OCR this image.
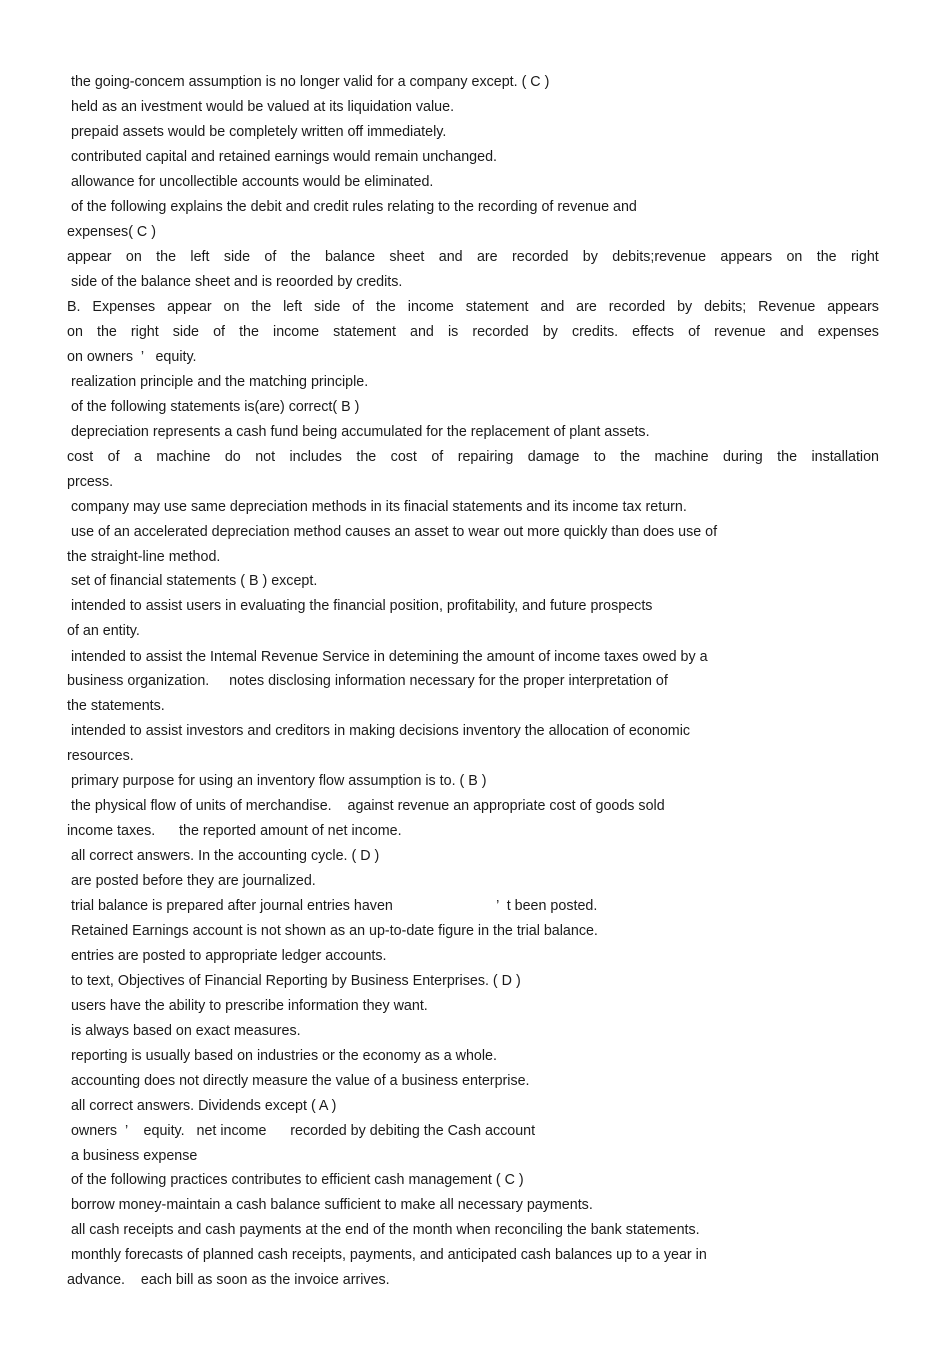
the going-concem assumption is no longer valid for a company except. ( C )
held as an ivestment would be valued at its liquidation value.
prepaid assets would be completely written off immediately.
contributed capital and retained earnings would remain unchanged.
allowance for uncollectible accounts would be eliminated.
of the following explains the debit and credit rules relating to the recording of revenue and
expenses( C )
appear on the left side of the balance sheet and are recorded by debits;revenue appears on the right
side of the balance sheet and is reoorded by credits.
B. Expenses appear on the left side of the income statement and are recorded by debits; Revenue appears
on the right side of the income statement and is recorded by credits. effects of revenue and expenses
on owners  ’   equity.
realization principle and the matching principle.
of the following statements is(are) correct( B )
depreciation represents a cash fund being accumulated for the replacement of plant assets.
cost of a machine do not includes the cost of repairing damage to the machine during the installation
prcess.
company may use same depreciation methods in its finacial statements and its income tax return.
use of an accelerated depreciation method causes an asset to wear out more quickly than does use of
the straight-line method.
set of financial statements ( B ) except.
intended to assist users in evaluating the financial position, profitability, and future prospects
of an entity.
intended to assist the Intemal Revenue Service in detemining the amount of income taxes owed by a
business organization.     notes disclosing information necessary for the proper interpretation of
the statements.
intended to assist investors and creditors in making decisions inventory the allocation of economic
resources.
primary purpose for using an inventory flow assumption is to. ( B )
the physical flow of units of merchandise.    against revenue an appropriate cost of goods sold
income taxes.      the reported amount of net income.
all correct answers. In the accounting cycle. ( D )
are posted before they are journalized.
trial balance is prepared after journal entries haven                          ’  t been posted.
Retained Earnings account is not shown as an up-to-date figure in the trial balance.
entries are posted to appropriate ledger accounts.
to text, Objectives of Financial Reporting by Business Enterprises. ( D )
users have the ability to prescribe information they want.
is always based on exact measures.
reporting is usually based on industries or the economy as a whole.
accounting does not directly measure the value of a business enterprise.
all correct answers. Dividends except ( A )
owners  ’    equity.   net income      recorded by debiting the Cash account
a business expense
of the following practices contributes to efficient cash management ( C )
borrow money-maintain a cash balance sufficient to make all necessary payments.
all cash receipts and cash payments at the end of the month when reconciling the bank statements.
monthly forecasts of planned cash receipts, payments, and anticipated cash balances up to a year in
advance.    each bill as soon as the invoice arrives.
